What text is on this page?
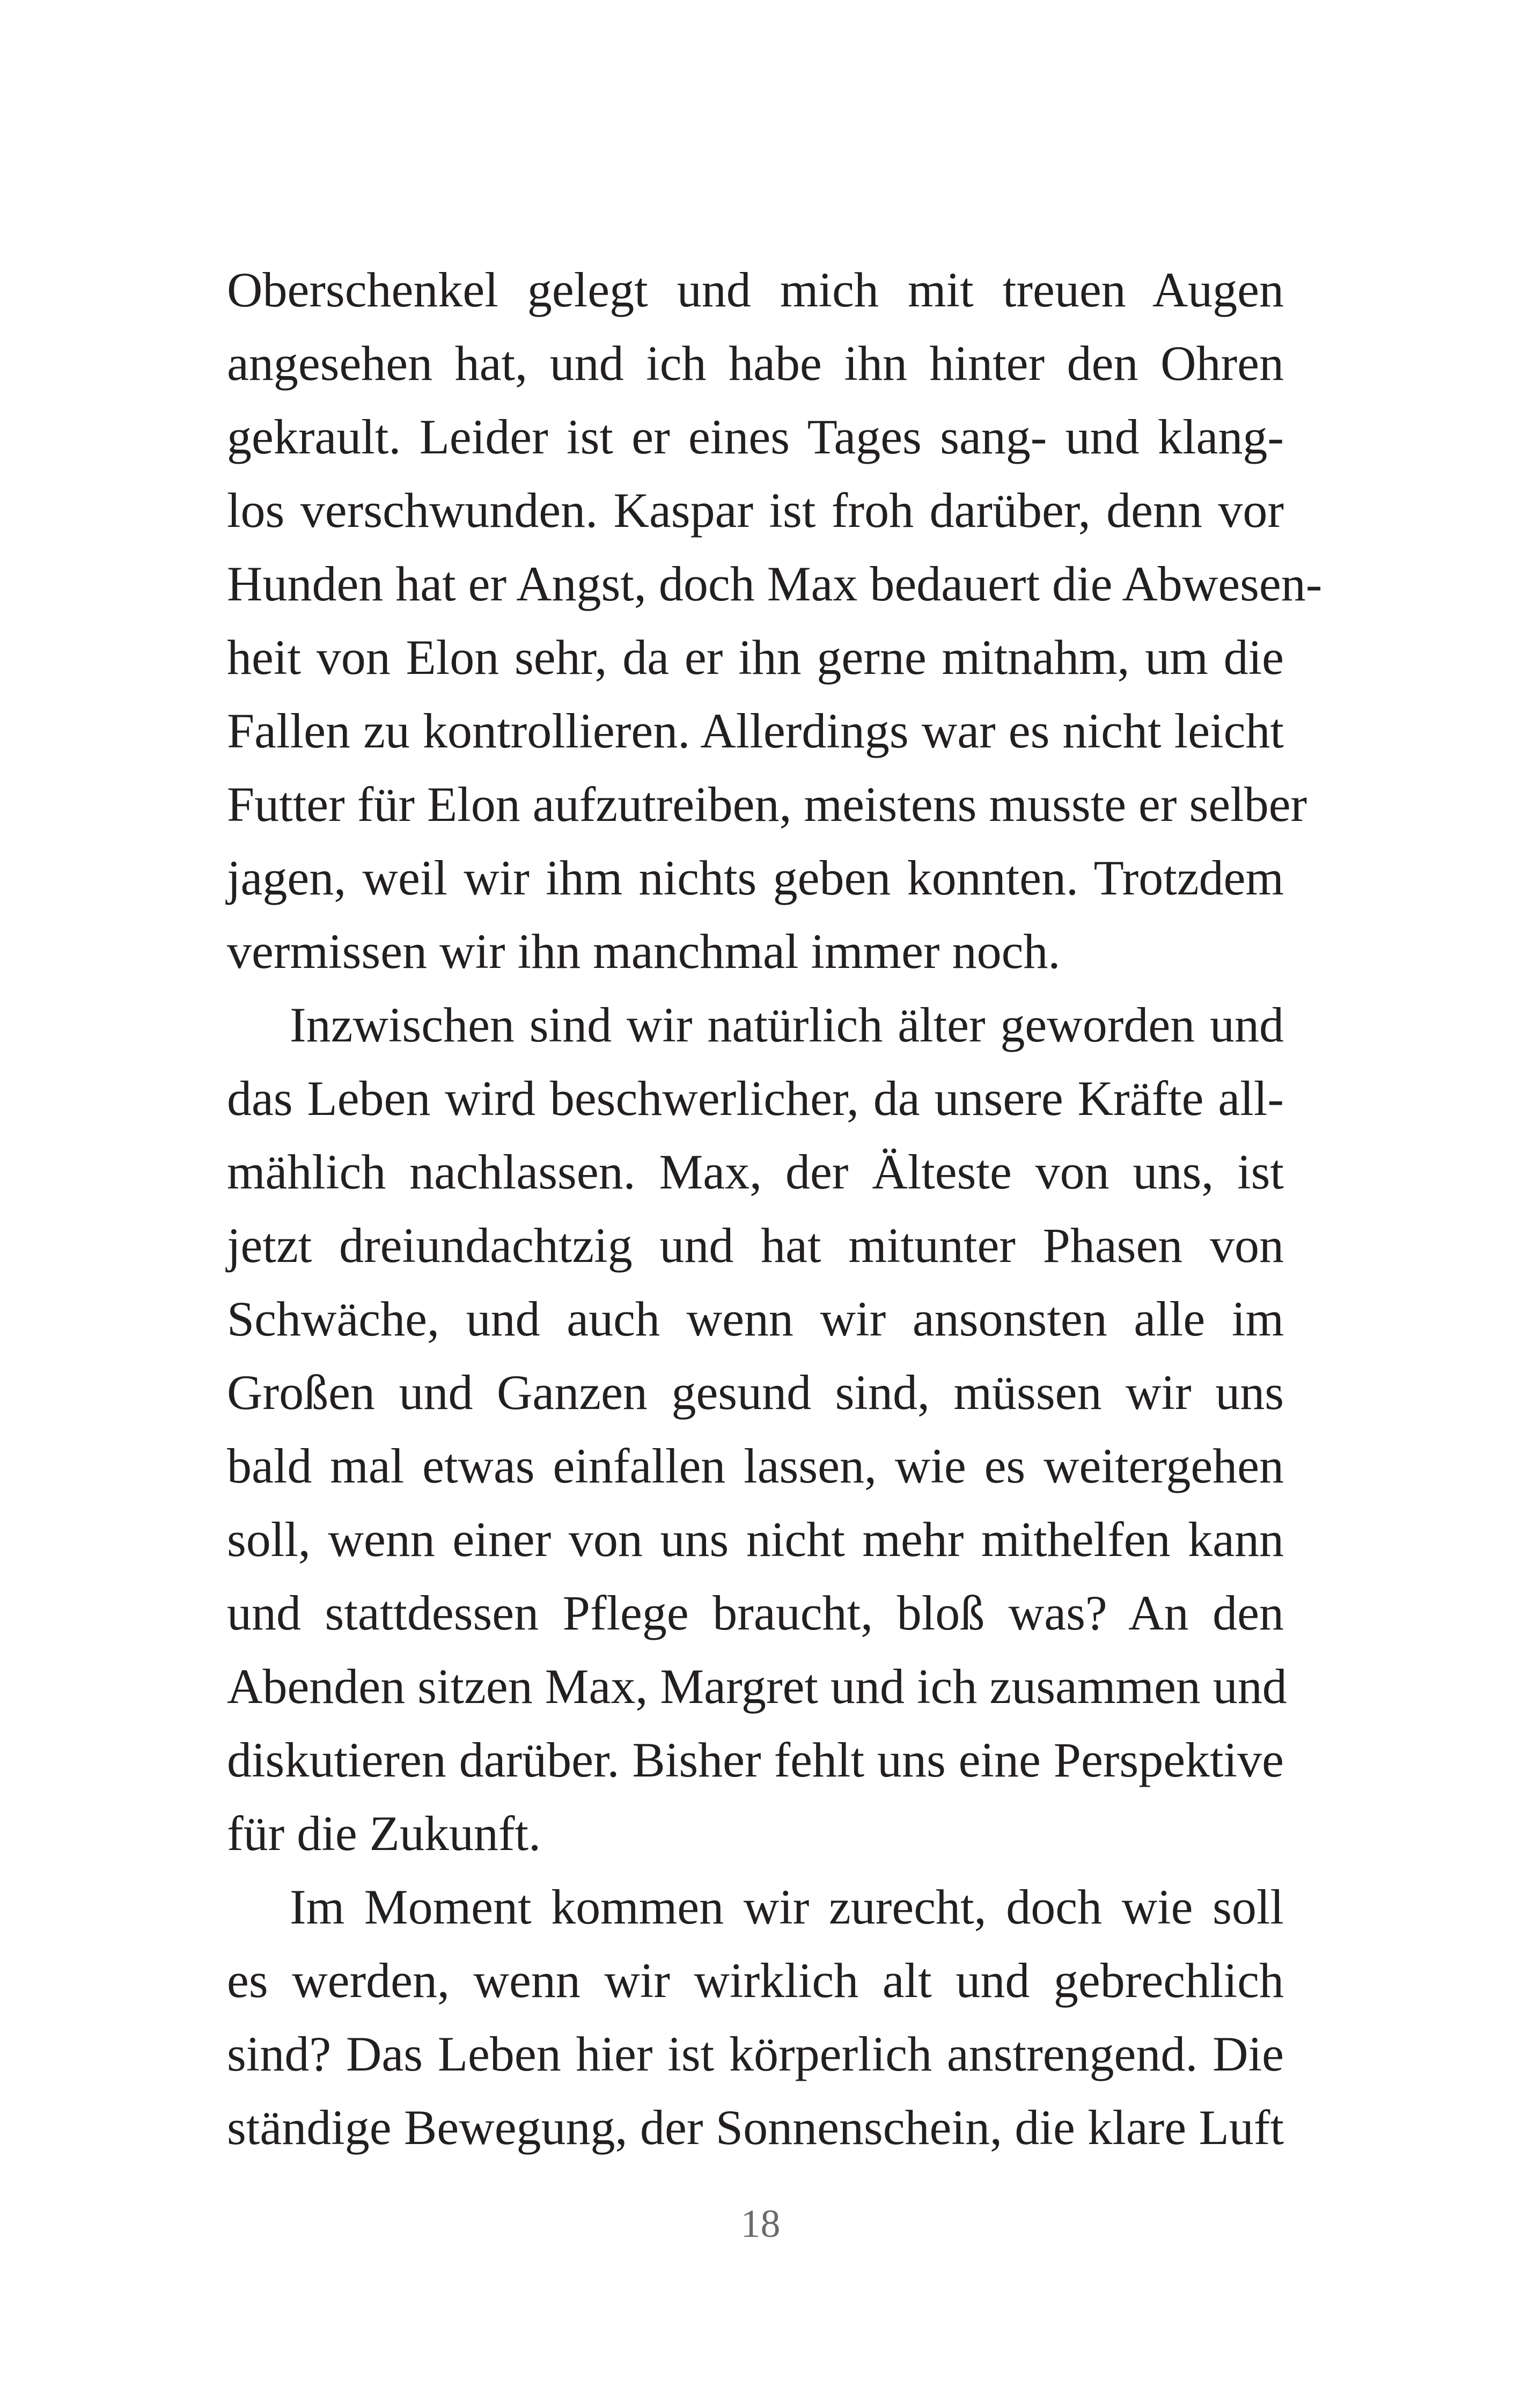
Oberschenkel gelegt und mich mit treuen Augen
angesehen hat, und ich habe ihn hinter den Ohren
gekrault. Leider ist er eines Tages sang- und klang-
los verschwunden. Kaspar ist froh darüber, denn vor
Hunden hat er Angst, doch Max bedauert die Abwesen-
heit von Elon sehr, da er ihn gerne mitnahm, um die
Fallen zu kontrollieren. Allerdings war es nicht leicht
Futter für Elon aufzutreiben, meistens musste er selber
jagen, weil wir ihm nichts geben konnten. Trotzdem
vermissen wir ihn manchmal immer noch.
Inzwischen sind wir natürlich älter geworden und
das Leben wird beschwerlicher, da unsere Kräfte all-
mählich nachlassen. Max, der Älteste von uns, ist
jetzt dreiundachtzig und hat mitunter Phasen von
Schwäche, und auch wenn wir ansonsten alle im
Großen und Ganzen gesund sind, müssen wir uns
bald mal etwas einfallen lassen, wie es weitergehen
soll, wenn einer von uns nicht mehr mithelfen kann
und stattdessen Pflege braucht, bloß was? An den
Abenden sitzen Max, Margret und ich zusammen und
diskutieren darüber. Bisher fehlt uns eine Perspektive
für die Zukunft.
Im Moment kommen wir zurecht, doch wie soll
es werden, wenn wir wirklich alt und gebrechlich
sind? Das Leben hier ist körperlich anstrengend. Die
ständige Bewegung, der Sonnenschein, die klare Luft
18
